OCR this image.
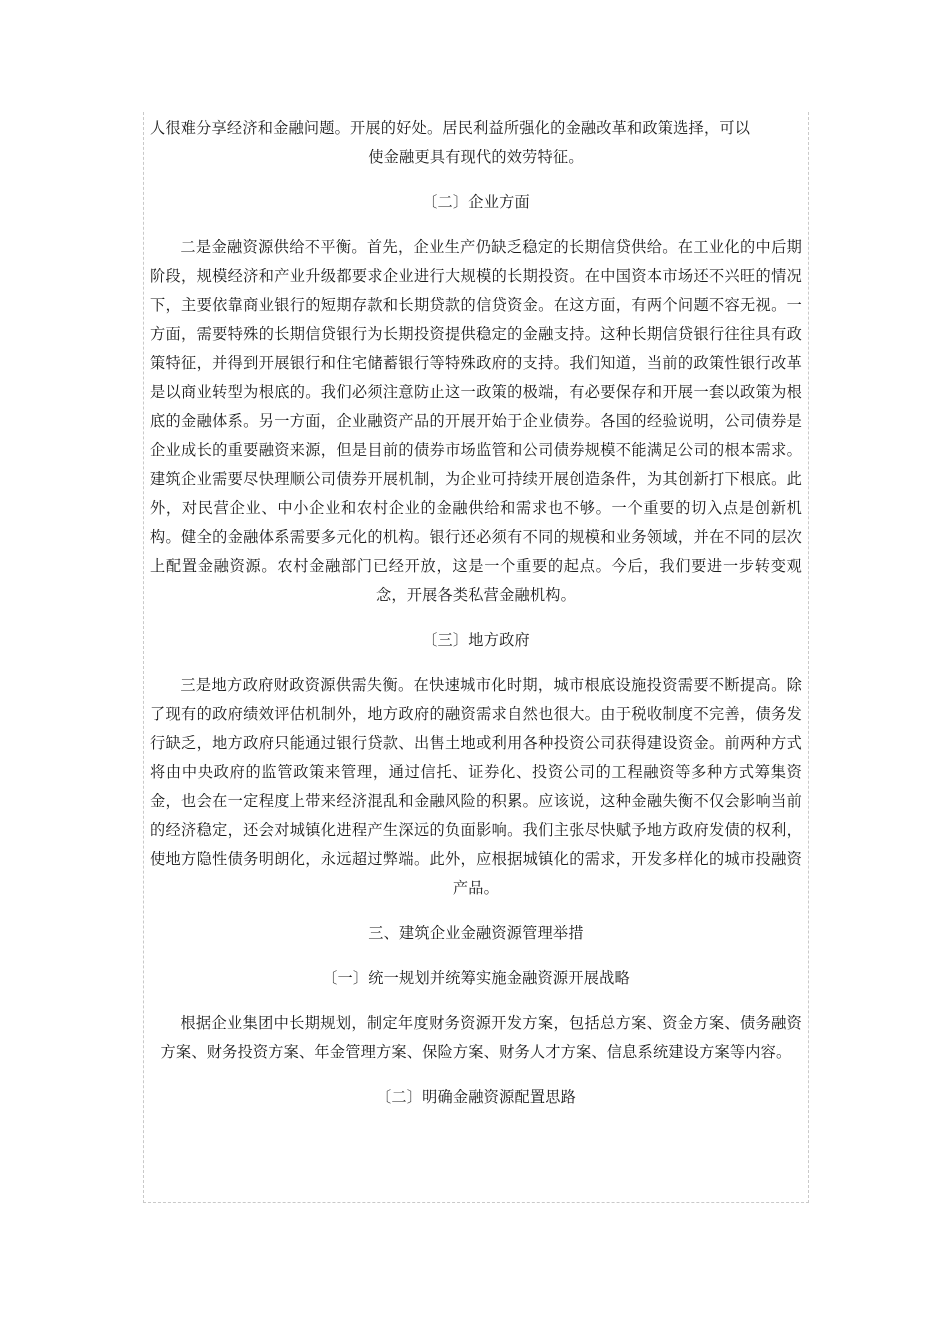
人很难分享经济和金融问题。开展的好处。居民利益所强化的金融改革和政策选择，可以

使金融更具有现代的效劳特征。

〔二〕企业方面

二是金融资源供给不平衡。首先，企业生产仍缺乏稳定的长期信贷供给。在工业化的中后期阶段，规模经济和产业升级都要求企业进行大规模的长期投资。在中国资本市场还不兴旺的情况下，主要依靠商业银行的短期存款和长期贷款的信贷资金。在这方面，有两个问题不容无视。一方面，需要特殊的长期信贷银行为长期投资提供稳定的金融支持。这种长期信贷银行往往具有政策特征，并得到开展银行和住宅储蓄银行等特殊政府的支持。我们知道，当前的政策性银行改革是以商业转型为根底的。我们必须注意防止这一政策的极端，有必要保存和开展一套以政策为根底的金融体系。另一方面，企业融资产品的开展开始于企业债券。各国的经验说明，公司债券是企业成长的重要融资来源，但是目前的债券市场监管和公司债券规模不能满足公司的根本需求。建筑企业需要尽快理顺公司债券开展机制，为企业可持续开展创造条件，为其创新打下根底。此外，对民营企业、中小企业和农村企业的金融供给和需求也不够。一个重要的切入点是创新机构。健全的金融体系需要多元化的机构。银行还必须有不同的规模和业务领域，并在不同的层次上配置金融资源。农村金融部门已经开放，这是一个重要的起点。今后，我们要进一步转变观念，开展各类私营金融机构。

〔三〕地方政府

三是地方政府财政资源供需失衡。在快速城市化时期，城市根底设施投资需要不断提高。除了现有的政府绩效评估机制外，地方政府的融资需求自然也很大。由于税收制度不完善，债务发行缺乏，地方政府只能通过银行贷款、出售土地或利用各种投资公司获得建设资金。前两种方式将由中央政府的监管政策来管理，通过信托、证券化、投资公司的工程融资等多种方式筹集资金，也会在一定程度上带来经济混乱和金融风险的积累。应该说，这种金融失衡不仅会影响当前的经济稳定，还会对城镇化进程产生深远的负面影响。我们主张尽快赋予地方政府发债的权利，使地方隐性债务明朗化，永远超过弊端。此外，应根据城镇化的需求，开发多样化的城市投融资产品。

三、建筑企业金融资源管理举措

〔一〕统一规划并统筹实施金融资源开展战略

根据企业集团中长期规划，制定年度财务资源开发方案，包括总方案、资金方案、债务融资方案、财务投资方案、年金管理方案、保险方案、财务人才方案、信息系统建设方案等内容。

〔二〕明确金融资源配置思路
